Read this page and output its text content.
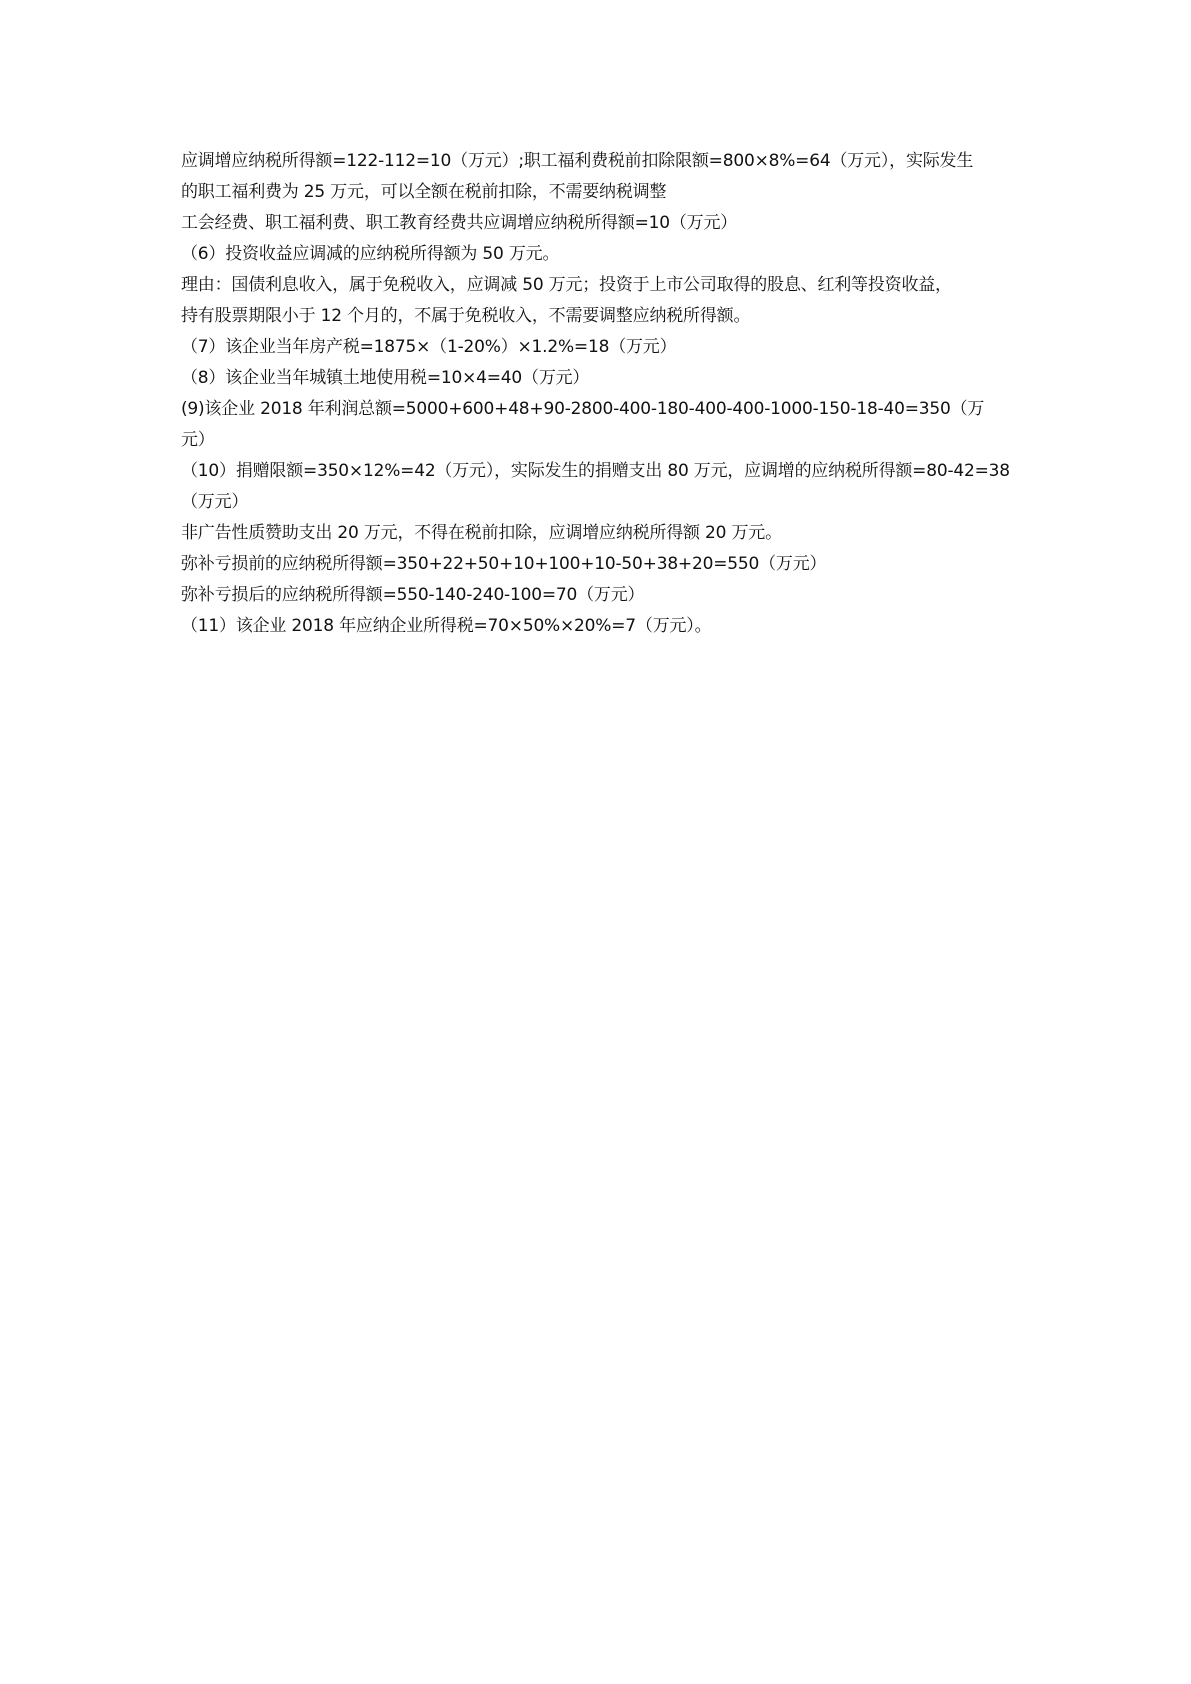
应调增应纳税所得额=122-112=10（万元）;职工福利费税前扣除限额=800×8%=64（万元），实际发生
的职工福利费为 25 万元，可以全额在税前扣除，不需要纳税调整
工会经费、职工福利费、职工教育经费共应调增应纳税所得额=10（万元）
（6）投资收益应调减的应纳税所得额为 50 万元。
理由：国债利息收入，属于免税收入，应调减 50 万元；投资于上市公司取得的股息、红利等投资收益，
持有股票期限小于 12 个月的，不属于免税收入，不需要调整应纳税所得额。
（7）该企业当年房产税=1875×（1-20%）×1.2%=18（万元）
（8）该企业当年城镇土地使用税=10×4=40（万元）
(9)该企业 2018 年利润总额=5000+600+48+90-2800-400-180-400-400-1000-150-18-40=350（万
元）
（10）捐赠限额=350×12%=42（万元），实际发生的捐赠支出 80 万元，应调增的应纳税所得额=80-42=38
（万元）
非广告性质赞助支出 20 万元，不得在税前扣除，应调增应纳税所得额 20 万元。
弥补亏损前的应纳税所得额=350+22+50+10+100+10-50+38+20=550（万元）
弥补亏损后的应纳税所得额=550-140-240-100=70（万元）
（11）该企业 2018 年应纳企业所得税=70×50%×20%=7（万元）。
